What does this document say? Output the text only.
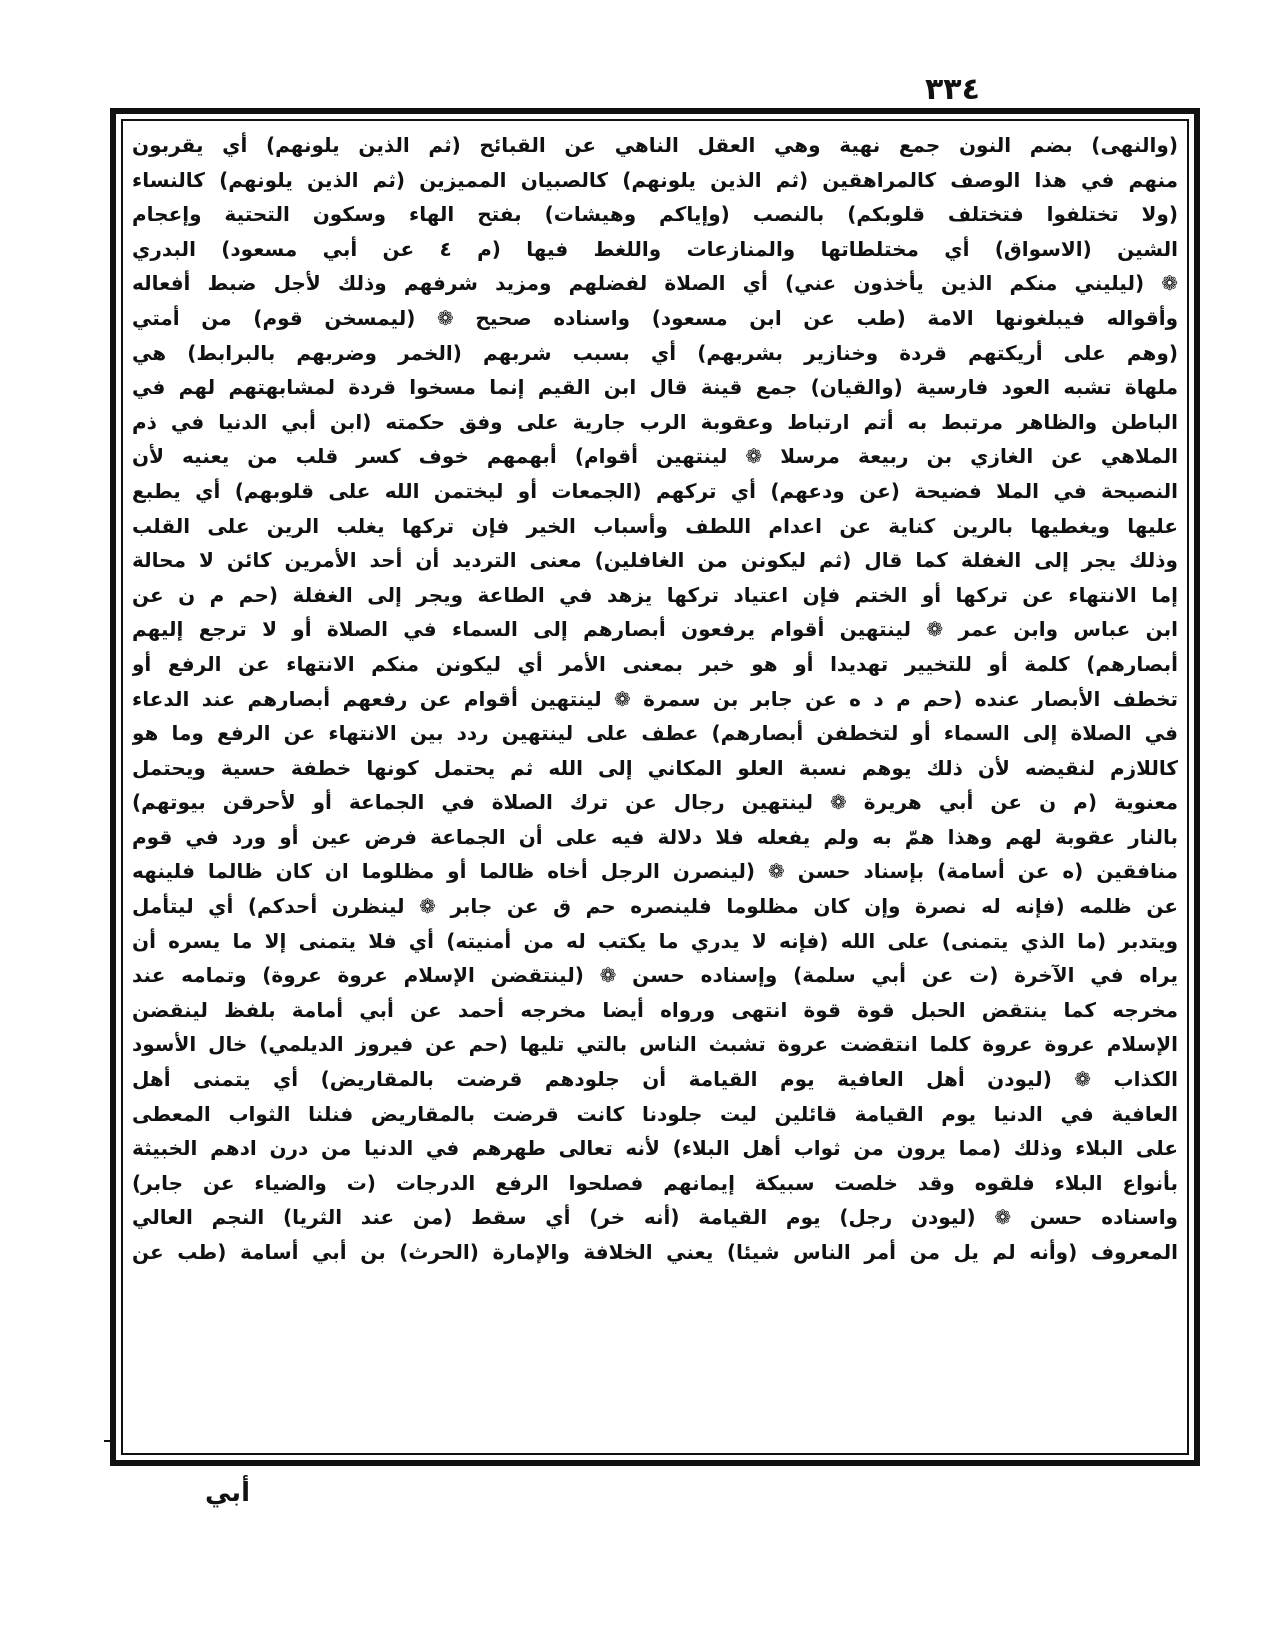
٣٣٤
(والنهى) بضم النون جمع نهية وهي العقل الناهي عن القبائح (ثم الذين يلونهم) أي يقربون
منهم في هذا الوصف كالمراهقين (ثم الذين يلونهم) كالصبيان المميزين (ثم الذين يلونهم) كالنساء
(ولا تختلفوا فتختلف قلوبكم) بالنصب (وإياكم وهيشات) بفتح الهاء وسكون التحتية وإعجام
الشين (الاسواق) أي مختلطاتها والمنازعات واللغط فيها (م ٤ عن أبي مسعود) البدري
❁ (ليليني منكم الذين يأخذون عني) أي الصلاة لفضلهم ومزيد شرفهم وذلك لأجل ضبط أفعاله
وأقواله فيبلغونها الامة (طب عن ابن مسعود) واسناده صحيح ❁ (ليمسخن قوم) من أمتي
(وهم على أريكتهم قردة وخنازير بشربهم) أي بسبب شربهم (الخمر وضربهم بالبرابط) هي
ملهاة تشبه العود فارسية (والقيان) جمع قينة قال ابن القيم إنما مسخوا قردة لمشابهتهم لهم في
الباطن والظاهر مرتبط به أتم ارتباط وعقوبة الرب جارية على وفق حكمته (ابن أبي الدنيا في ذم
الملاهي عن الغازي بن ربيعة مرسلا ❁ لينتهين أقوام) أبهمهم خوف كسر قلب من يعنيه لأن
النصيحة في الملا فضيحة (عن ودعهم) أي تركهم (الجمعات أو ليختمن الله على قلوبهم) أي يطبع
عليها ويغطيها بالرين كناية عن اعدام اللطف وأسباب الخير فإن تركها يغلب الرين على القلب
وذلك يجر إلى الغفلة كما قال (ثم ليكونن من الغافلين) معنى الترديد أن أحد الأمرين كائن لا محالة
إما الانتهاء عن تركها أو الختم فإن اعتياد تركها يزهد في الطاعة ويجر إلى الغفلة (حم م ن عن
ابن عباس وابن عمر ❁ لينتهين أقوام يرفعون أبصارهم إلى السماء في الصلاة أو لا ترجع إليهم
أبصارهم) كلمة أو للتخيير تهديدا أو هو خبر بمعنى الأمر أي ليكونن منكم الانتهاء عن الرفع أو
تخطف الأبصار عنده (حم م د ه عن جابر بن سمرة ❁ لينتهين أقوام عن رفعهم أبصارهم عند الدعاء
في الصلاة إلى السماء أو لتخطفن أبصارهم) عطف على لينتهين ردد بين الانتهاء عن الرفع وما هو
كاللازم لنقيضه لأن ذلك يوهم نسبة العلو المكاني إلى الله ثم يحتمل كونها خطفة حسية ويحتمل
معنوية (م ن عن أبي هريرة ❁ لينتهين رجال عن ترك الصلاة في الجماعة أو لأحرقن بيوتهم)
بالنار عقوبة لهم وهذا همّ به ولم يفعله فلا دلالة فيه على أن الجماعة فرض عين أو ورد في قوم
منافقين (ه عن أسامة) بإسناد حسن ❁ (لينصرن الرجل أخاه ظالما أو مظلوما ان كان ظالما فلينهه
عن ظلمه (فإنه له نصرة وإن كان مظلوما فلينصره حم ق عن جابر ❁ لينظرن أحدكم) أي ليتأمل
ويتدبر (ما الذي يتمنى) على الله (فإنه لا يدري ما يكتب له من أمنيته) أي فلا يتمنى إلا ما يسره أن
يراه في الآخرة (ت عن أبي سلمة) وإسناده حسن ❁ (لينتقضن الإسلام عروة عروة) وتمامه عند
مخرجه كما ينتقض الحبل قوة قوة انتهى ورواه أيضا مخرجه أحمد عن أبي أمامة بلفظ لينقضن
الإسلام عروة عروة كلما انتقضت عروة تشبث الناس بالتي تليها (حم عن فيروز الديلمي) خال الأسود
الكذاب ❁ (ليودن أهل العافية يوم القيامة أن جلودهم قرضت بالمقاريض) أي يتمنى أهل
العافية في الدنيا يوم القيامة قائلين ليت جلودنا كانت قرضت بالمقاريض فنلنا الثواب المعطى
على البلاء وذلك (مما يرون من ثواب أهل البلاء) لأنه تعالى طهرهم في الدنيا من درن ادهم الخبيثة
بأنواع البلاء فلقوه وقد خلصت سبيكة إيمانهم فصلحوا الرفع الدرجات (ت والضياء عن جابر)
واسناده حسن ❁ (ليودن رجل) يوم القيامة (أنه خر) أي سقط (من عند الثريا) النجم العالي
المعروف (وأنه لم يل من أمر الناس شيئا) يعني الخلافة والإمارة (الحرث) بن أبي أسامة (طب عن
أبي
